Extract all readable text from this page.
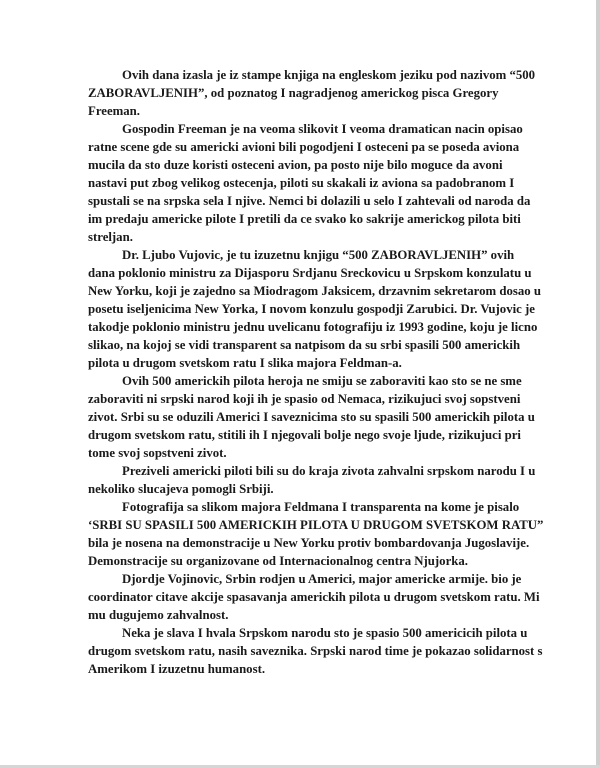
Ovih dana izasla je iz stampe knjiga na engleskom jeziku pod nazivom “500 ZABORAVLJENIH”, od poznatog I nagradjenog americkog pisca Gregory Freeman.

Gospodin Freeman je na veoma slikovit I veoma dramatican nacin opisao ratne scene gde su americki avioni bili pogodjeni I osteceni pa se poseda aviona mucila da sto duze koristi osteceni avion, pa posto nije bilo moguce da avoni nastavi put zbog velikog ostecenja, piloti su skakali iz aviona sa padobranom I spustali se na srpska sela I njive. Nemci bi dolazili u selo I zahtevali od naroda da im predaju americke pilote I pretili da ce svako ko sakrije americkog pilota biti streljan.

Dr. Ljubo Vujovic, je tu izuzetnu knjigu “500 ZABORAVLJENIH” ovih dana poklonio ministru za Dijasporu Srdjanu Sreckovicu u Srpskom konzulatu u New Yorku, koji je zajedno sa Miodragom Jaksicem, drzavnim sekretarom dosao u posetu iseljenicima New Yorka, I novom konzulu gospodji Zarubici. Dr. Vujovic je takodje poklonio ministru jednu uvelicanu fotografiju iz 1993 godine, koju je licno slikao, na kojoj se vidi transparent sa natpisom da su srbi spasili 500 americkih pilota u drugom svetskom ratu I slika majora Feldman-a.

Ovih 500 americkih pilota heroja ne smiju se zaboraviti kao sto se ne sme zaboraviti ni srpski narod koji ih je spasio od Nemaca, rizikujuci svoj sopstveni zivot. Srbi su se oduzili Americi I saveznicima sto su spasili 500 americkih pilota u drugom svetskom ratu, stitili ih I njegovali bolje nego svoje ljude, rizikujuci pri tome svoj sopstveni zivot.

Preziveli americki piloti bili su do kraja zivota zahvalni srpskom narodu I u nekoliko slucajeva pomogli Srbiji.

Fotografija sa slikom majora Feldmana I transparenta na kome je pisalo ‘SRBI SU SPASILI 500 AMERICKIH PILOTA U DRUGOM SVETSKOM RATU” bila je nosena na demonstracije u New Yorku protiv bombardovanja Jugoslavije. Demonstracije su organizovane od Internacionalnog centra Njujorka.

Djordje Vojinovic, Srbin rodjen u Americi, major americke armije. bio je coordinator citave akcije spasavanja americkih pilota u drugom svetskom ratu. Mi mu dugujemo zahvalnost.

Neka je slava I hvala Srpskom narodu sto je spasio 500 americicih pilota u drugom svetskom ratu, nasih saveznika. Srpski narod time je pokazao solidarnost s Amerikom I izuzetnu humanost.
